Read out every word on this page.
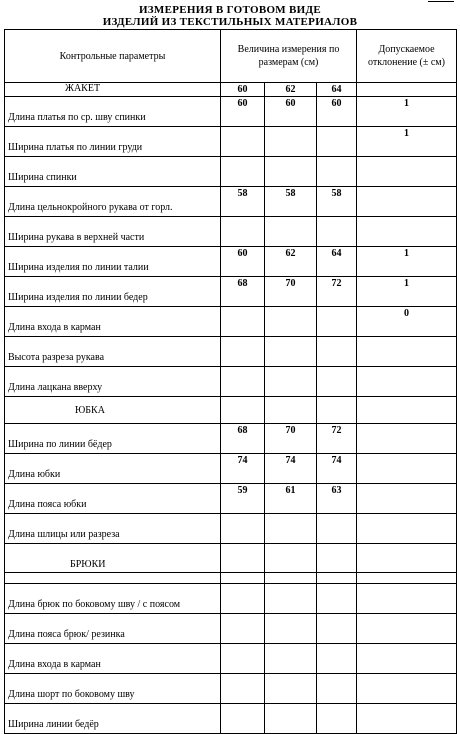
ИЗМЕРЕНИЯ В ГОТОВОМ ВИДЕ
ИЗДЕЛИЙ ИЗ ТЕКСТИЛЬНЫХ МАТЕРИАЛОВ
Контрольные параметры	Величина измерения по размерам (см)			Допускаемое отклонение (± см)
ЖАКЕТ	60	62	64	
Длина платья по ср. шву спинки	60	60	60	1
Ширина платья по линии груди				1
Ширина спинки				
Длина цельнокройного рукава от горл.	58	58	58	
Ширина рукава в верхней части				
Ширина изделия по линии талии	60	62	64	1
Ширина изделия по линии бедер	68	70	72	1
Длина входа в карман				0
Высота разреза рукава				
Длина лацкана вверху				
ЮБКА				
Ширина по линии бёдер	68	70	72	
Длина юбки	74	74	74	
Длина пояса юбки	59	61	63	
Длина шлицы или разреза				
БРЮКИ				

Длина брюк по боковому шву / с поясом				
Длина пояса брюк/ резинка				
Длина входа в карман				
Длина шорт по боковому шву				
Ширина линии бедёр				
